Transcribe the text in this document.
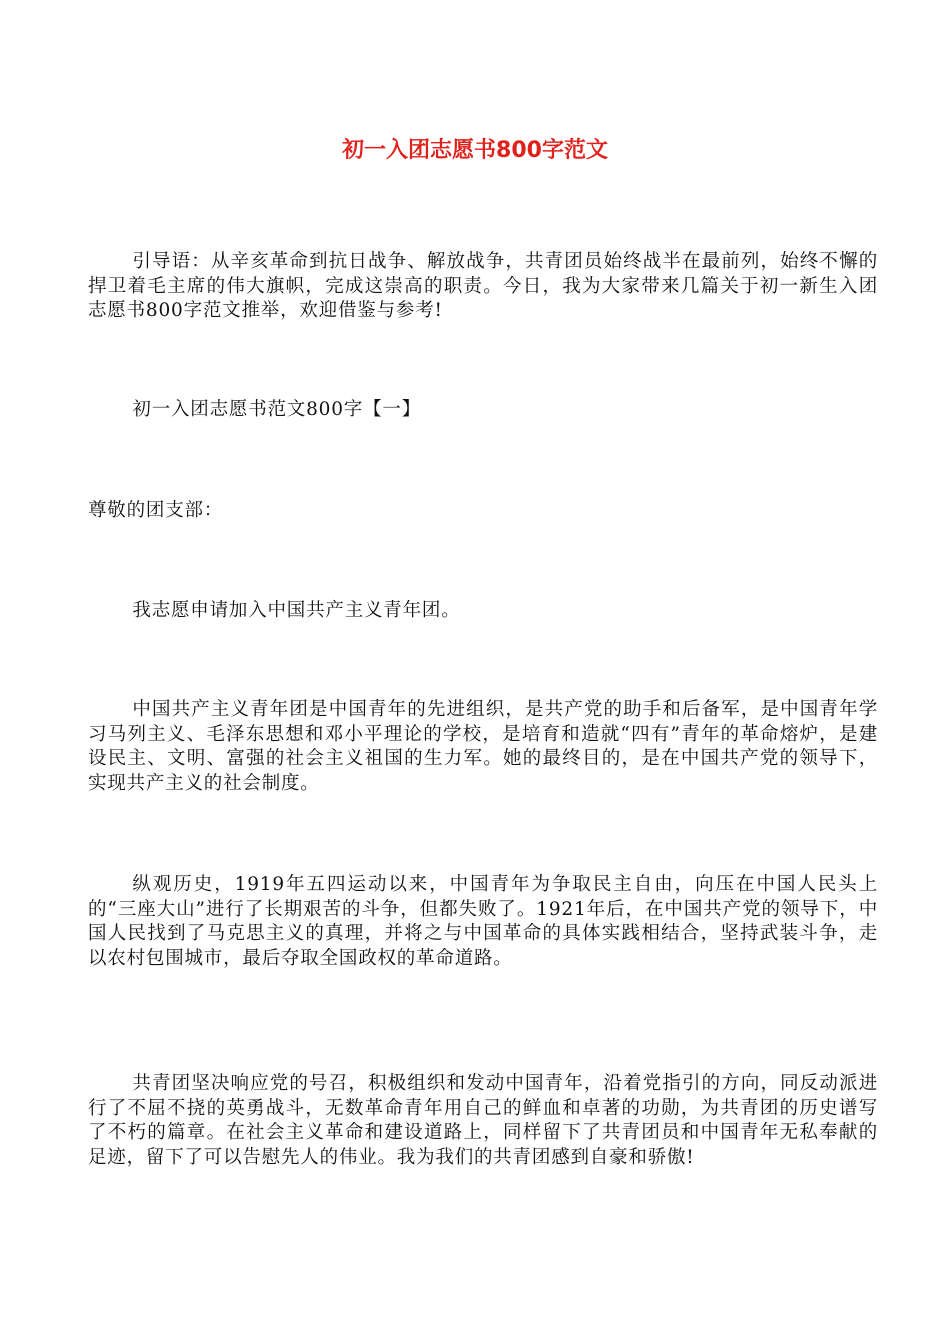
初一入团志愿书800字范文

引导语：从辛亥革命到抗日战争、解放战争，共青团员始终战半在最前列，始终不懈的捍卫着毛主席的伟大旗帜，完成这崇高的职责。今日，我为大家带来几篇关于初一新生入团志愿书800字范文推举，欢迎借鉴与参考!

初一入团志愿书范文800字【一】

尊敬的团支部：

我志愿申请加入中国共产主义青年团。

中国共产主义青年团是中国青年的先进组织，是共产党的助手和后备军，是中国青年学习马列主义、毛泽东思想和邓小平理论的学校，是培育和造就“四有”青年的革命熔炉，是建设民主、文明、富强的社会主义祖国的生力军。她的最终目的，是在中国共产党的领导下，实现共产主义的社会制度。

纵观历史，1919年五四运动以来，中国青年为争取民主自由，向压在中国人民头上的“三座大山”进行了长期艰苦的斗争，但都失败了。1921年后，在中国共产党的领导下，中国人民找到了马克思主义的真理，并将之与中国革命的具体实践相结合，坚持武装斗争，走以农村包围城市，最后夺取全国政权的革命道路。

共青团坚决响应党的号召，积极组织和发动中国青年，沿着党指引的方向，同反动派进行了不屈不挠的英勇战斗，无数革命青年用自己的鲜血和卓著的功勋，为共青团的历史谱写了不朽的篇章。在社会主义革命和建设道路上，同样留下了共青团员和中国青年无私奉献的足迹，留下了可以告慰先人的伟业。我为我们的共青团感到自豪和骄傲!
